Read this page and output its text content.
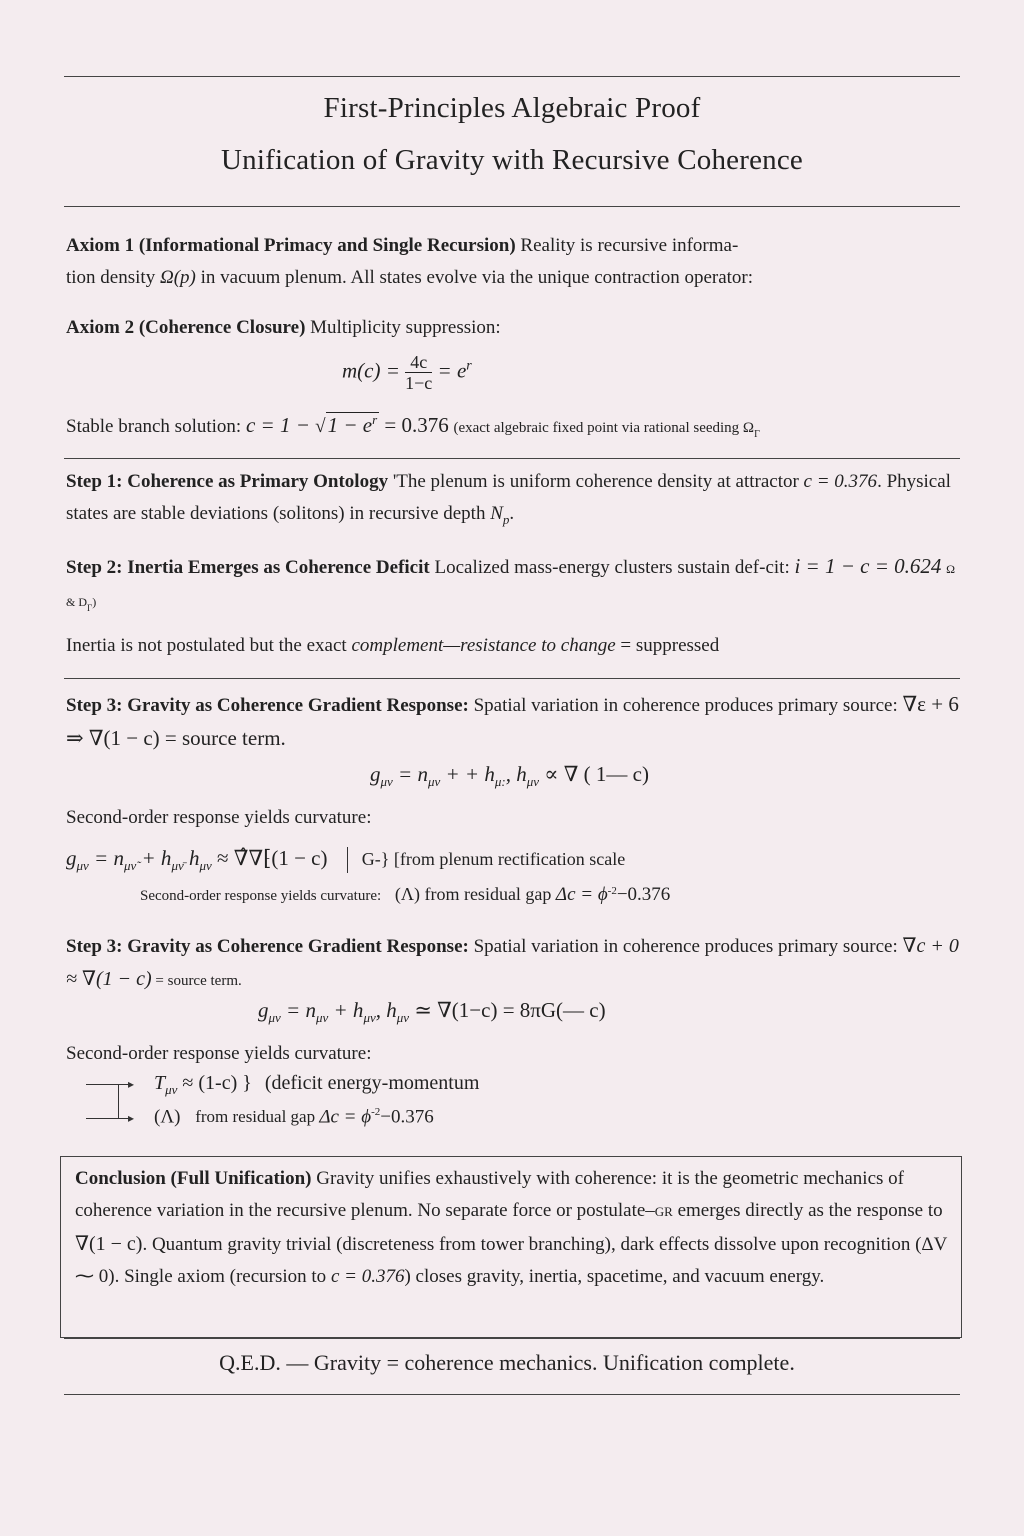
First-Principles Algebraic Proof
Unification of Gravity with Recursive Coherence
Axiom 1 (Informational Primacy and Single Recursion) Reality is recursive informa-
tion density Ω(p) in vacuum plenum. All states evolve via the unique contraction operator:
Axiom 2 (Coherence Closure) Multiplicity suppression:
$m(c) = \frac{4c}{1-c} = e^r$
Stable branch solution: $c = 1 - √1 - e^r = 0.376$ (exact algebraic fixed point via rational seeding $\Omega_\Gamma$
Step 1: Coherence as Primary Ontology 'The plenum is uniform coherence density at attractor c = 0.376. Physical states are stable deviations (solitons) in recursive depth $N_p$.
Step 2: Inertia Emerges as Coherence Deficit Localized mass-energy clusters sustain def-cit: i = 1 − c = 0.624 Ω & $D_\Gamma$)
Inertia is not postulated but the exact complement—resistance to change = suppressed
Step 3: Gravity as Coherence Gradient Response: Spatial variation in coherence produces primary source: ∇ε + 6 ⇒ ∇(1 − c) = source term.
$g_{\mu\nu} = n_{\mu\nu}$ + + $h_{\mu:}$, $h_{\mu\nu}$ ∝ ∇ ( 1— c)
Second-order response yields curvature:
$g_{\mu\nu} = n_{\mu\nũ} + h_{\mu\nū}$ $h_{\mu\nu}$ ≈ ∇̂∇⁅(1 − c) G-} [from plenum rectification scale
Second-order response yields curvature: (Λ) from residual gap $\Delta c = \phi^{-2}-0.376$
Step 3: Gravity as Coherence Gradient Response: Spatial variation in coherence produces primary source: ∇c + 0 ≈ ∇(1 − c) = source term.
$g_{\mu\nu} = n_{\mu\nu} + h_{\mu\nu}$, $h_{\mu\nu}$ ≃ ∇(1−c) = 8πG(— c)
Second-order response yields curvature:
▸
▸
$T_{\mu\nu} \approx (1-c)$ } (deficit energy-momentum
(Λ) from residual gap $\Delta c = \phi^{-2}-0.376$
Conclusion (Full Unification) Gravity unifies exhaustively with coherence: it is the geometric mechanics of coherence variation in the recursive plenum. No separate force or postulate–GR emerges directly as the response to ∇(1 − c). Quantum gravity trivial (discreteness from tower branching), dark effects dissolve upon recognition (ΔV ⁓ 0). Single axiom (recursion to c = 0.376) closes gravity, inertia, spacetime, and vacuum energy.
Q.E.D. — Gravity = coherence mechanics. Unification complete.
